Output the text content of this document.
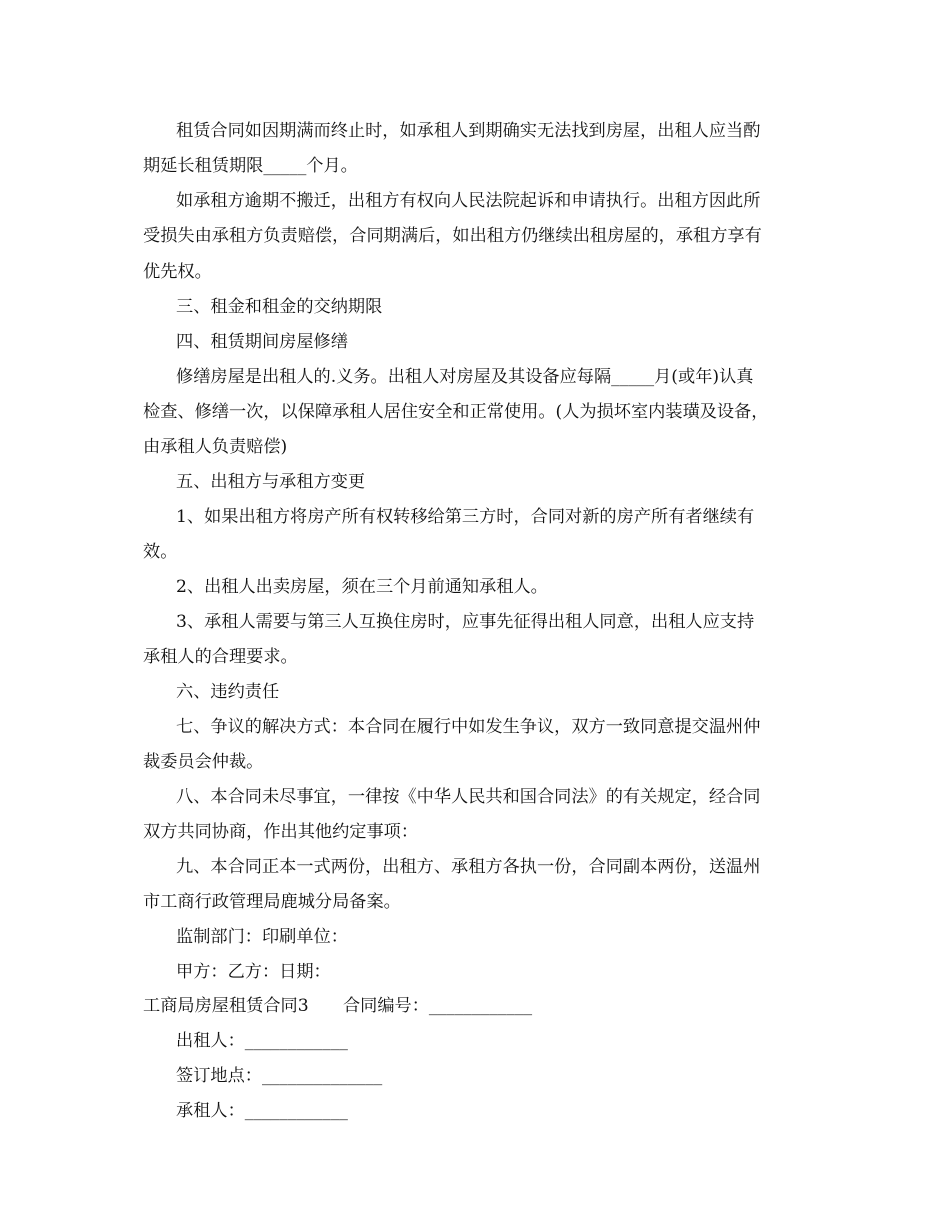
租赁合同如因期满而终止时，如承租人到期确实无法找到房屋，出租人应当酌
期延长租赁期限_____个月。
如承租方逾期不搬迁，出租方有权向人民法院起诉和申请执行。出租方因此所
受损失由承租方负责赔偿，合同期满后，如出租方仍继续出租房屋的，承租方享有
优先权。
三、租金和租金的交纳期限
四、租赁期间房屋修缮
修缮房屋是出租人的.义务。出租人对房屋及其设备应每隔_____月(或年)认真
检查、修缮一次，以保障承租人居住安全和正常使用。(人为损坏室内装璜及设备，
由承租人负责赔偿)
五、出租方与承租方变更
1、如果出租方将房产所有权转移给第三方时，合同对新的房产所有者继续有
效。
2、出租人出卖房屋，须在三个月前通知承租人。
3、承租人需要与第三人互换住房时，应事先征得出租人同意，出租人应支持
承租人的合理要求。
六、违约责任
七、争议的解决方式：本合同在履行中如发生争议，双方一致同意提交温州仲
裁委员会仲裁。
八、本合同未尽事宜，一律按《中华人民共和国合同法》的有关规定，经合同
双方共同协商，作出其他约定事项：
九、本合同正本一式两份，出租方、承租方各执一份，合同副本两份，送温州
市工商行政管理局鹿城分局备案。
监制部门：印刷单位：
甲方：乙方：日期：
工商局房屋租赁合同3　　合同编号：____________
出租人：____________
签订地点：______________
承租人：____________
